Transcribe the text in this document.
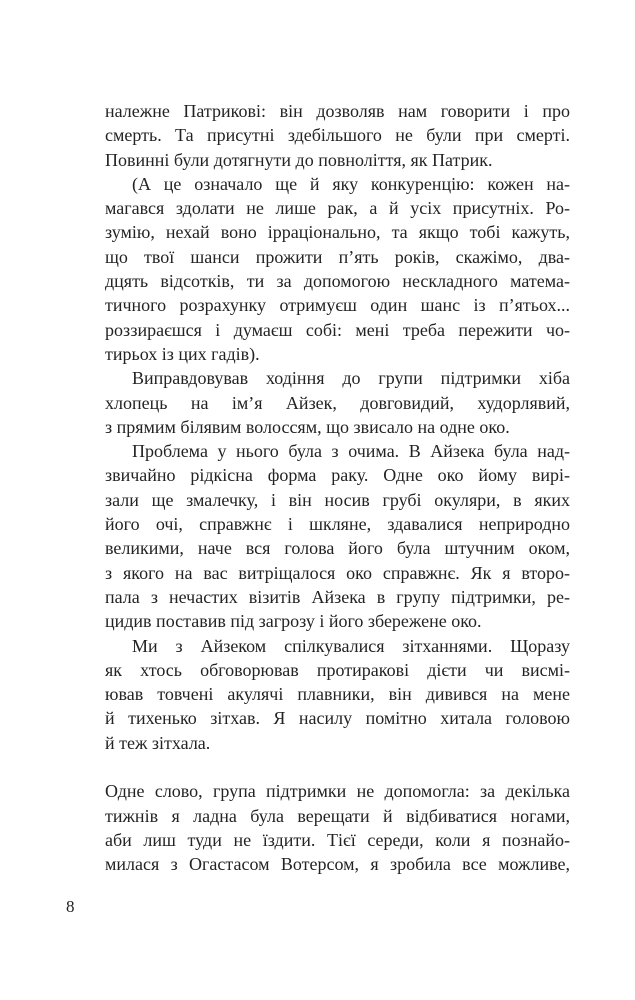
належне Патрикові: він дозволяв нам говорити і про
смерть. Та присутні здебільшого не були при смерті.
Повинні були дотягнути до повноліття, як Патрик.
(А це означало ще й яку конкуренцію: кожен на-
магався здолати не лише рак, а й усіх присутніх. Ро-
зумію, нехай воно ірраціонально, та якщо тобі кажуть,
що твої шанси прожити п’ять років, скажімо, два-
дцять відсотків, ти за допомогою нескладного матема-
тичного розрахунку отримуєш один шанс із п’ятьох...
роззираєшся і думаєш собі: мені треба пережити чо-
тирьох із цих гадів).
Виправдовував ходіння до групи підтримки хіба
хлопець на ім’я Айзек, довговидий, худорлявий,
з прямим білявим волоссям, що звисало на одне око.
Проблема у нього була з очима. В Айзека була над-
звичайно рідкісна форма раку. Одне око йому вирі-
зали ще змалечку, і він носив грубі окуляри, в яких
його очі, справжнє і шкляне, здавалися неприродно
великими, наче вся голова його була штучним оком,
з якого на вас витріщалося око справжнє. Як я второ-
пала з нечастих візитів Айзека в групу підтримки, ре-
цидив поставив під загрозу і його збережене око.
Ми з Айзеком спілкувалися зітханнями. Щоразу
як хтось обговорював протиракові дієти чи висмі-
ював товчені акулячі плавники, він дивився на мене
й тихенько зітхав. Я насилу помітно хитала головою
й теж зітхала.
Одне слово, група підтримки не допомогла: за декілька
тижнів я ладна була верещати й відбиватися ногами,
аби лиш туди не їздити. Тієї середи, коли я познайо-
милася з Огастасом Вотерсом, я зробила все можливе,
8
